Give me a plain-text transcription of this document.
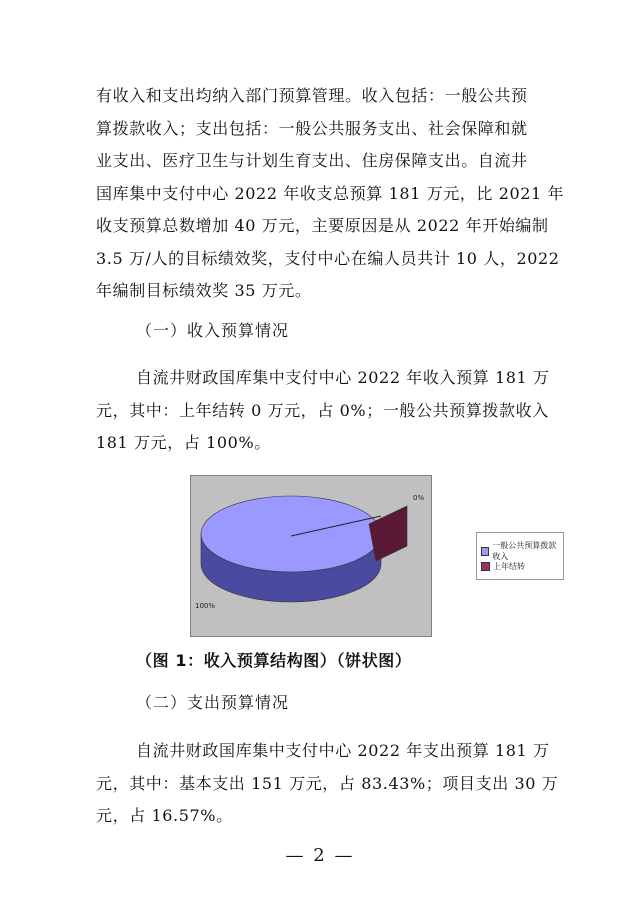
有收入和支出均纳入部门预算管理。收入包括：一般公共预
算拨款收入；支出包括：一般公共服务支出、社会保障和就
业支出、医疗卫生与计划生育支出、住房保障支出。自流井
国库集中支付中心 2022 年收支总预算 181 万元，比 2021 年
收支预算总数增加 40 万元，主要原因是从 2022 年开始编制
3.5 万/人的目标绩效奖，支付中心在编人员共计 10 人，2022
年编制目标绩效奖 35 万元。
（一）收入预算情况
自流井财政国库集中支付中心 2022 年收入预算 181 万
元，其中：上年结转 0 万元，占 0%；一般公共预算拨款收入
181 万元，占 100%。
0%
100%
一般公共预算拨款收入
上年结转
（图 1：收入预算结构图）（饼状图）
（二）支出预算情况
自流井财政国库集中支付中心 2022 年支出预算 181 万
元，其中：基本支出 151 万元，占 83.43%；项目支出 30 万
元，占 16.57%。
— 2 —
